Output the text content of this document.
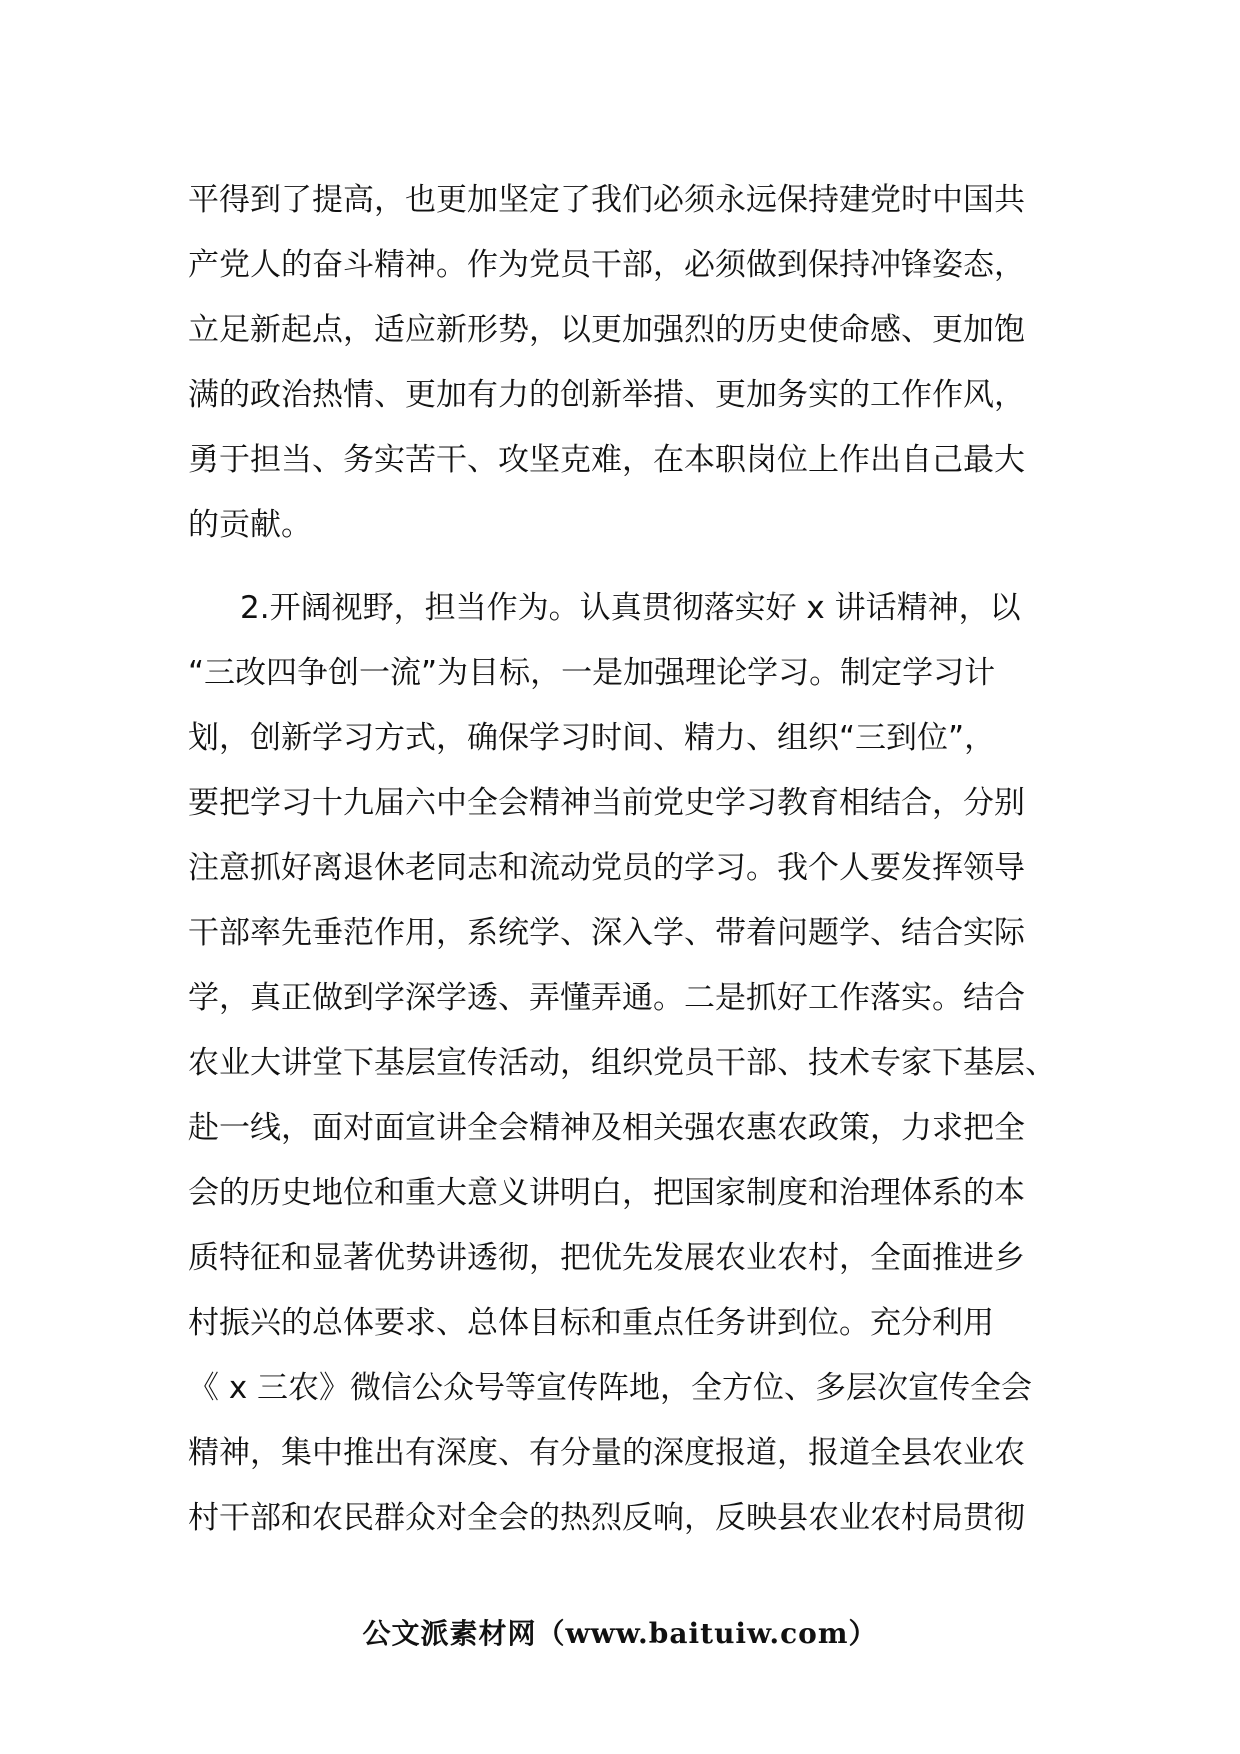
平得到了提高，也更加坚定了我们必须永远保持建党时中国共
产党人的奋斗精神。作为党员干部，必须做到保持冲锋姿态，
立足新起点，适应新形势，以更加强烈的历史使命感、更加饱
满的政治热情、更加有力的创新举措、更加务实的工作作风，
勇于担当、务实苦干、攻坚克难，在本职岗位上作出自己最大
的贡献。
2.开阔视野，担当作为。认真贯彻落实好 x 讲话精神，以
“三改四争创一流”为目标，一是加强理论学习。制定学习计
划，创新学习方式，确保学习时间、精力、组织“三到位”，
要把学习十九届六中全会精神当前党史学习教育相结合，分别
注意抓好离退休老同志和流动党员的学习。我个人要发挥领导
干部率先垂范作用，系统学、深入学、带着问题学、结合实际
学，真正做到学深学透、弄懂弄通。二是抓好工作落实。结合
农业大讲堂下基层宣传活动，组织党员干部、技术专家下基层、
赴一线，面对面宣讲全会精神及相关强农惠农政策，力求把全
会的历史地位和重大意义讲明白，把国家制度和治理体系的本
质特征和显著优势讲透彻，把优先发展农业农村，全面推进乡
村振兴的总体要求、总体目标和重点任务讲到位。充分利用
《 x 三农》微信公众号等宣传阵地，全方位、多层次宣传全会
精神，集中推出有深度、有分量的深度报道，报道全县农业农
村干部和农民群众对全会的热烈反响，反映县农业农村局贯彻
公文派素材网（www.baituiw.com）
